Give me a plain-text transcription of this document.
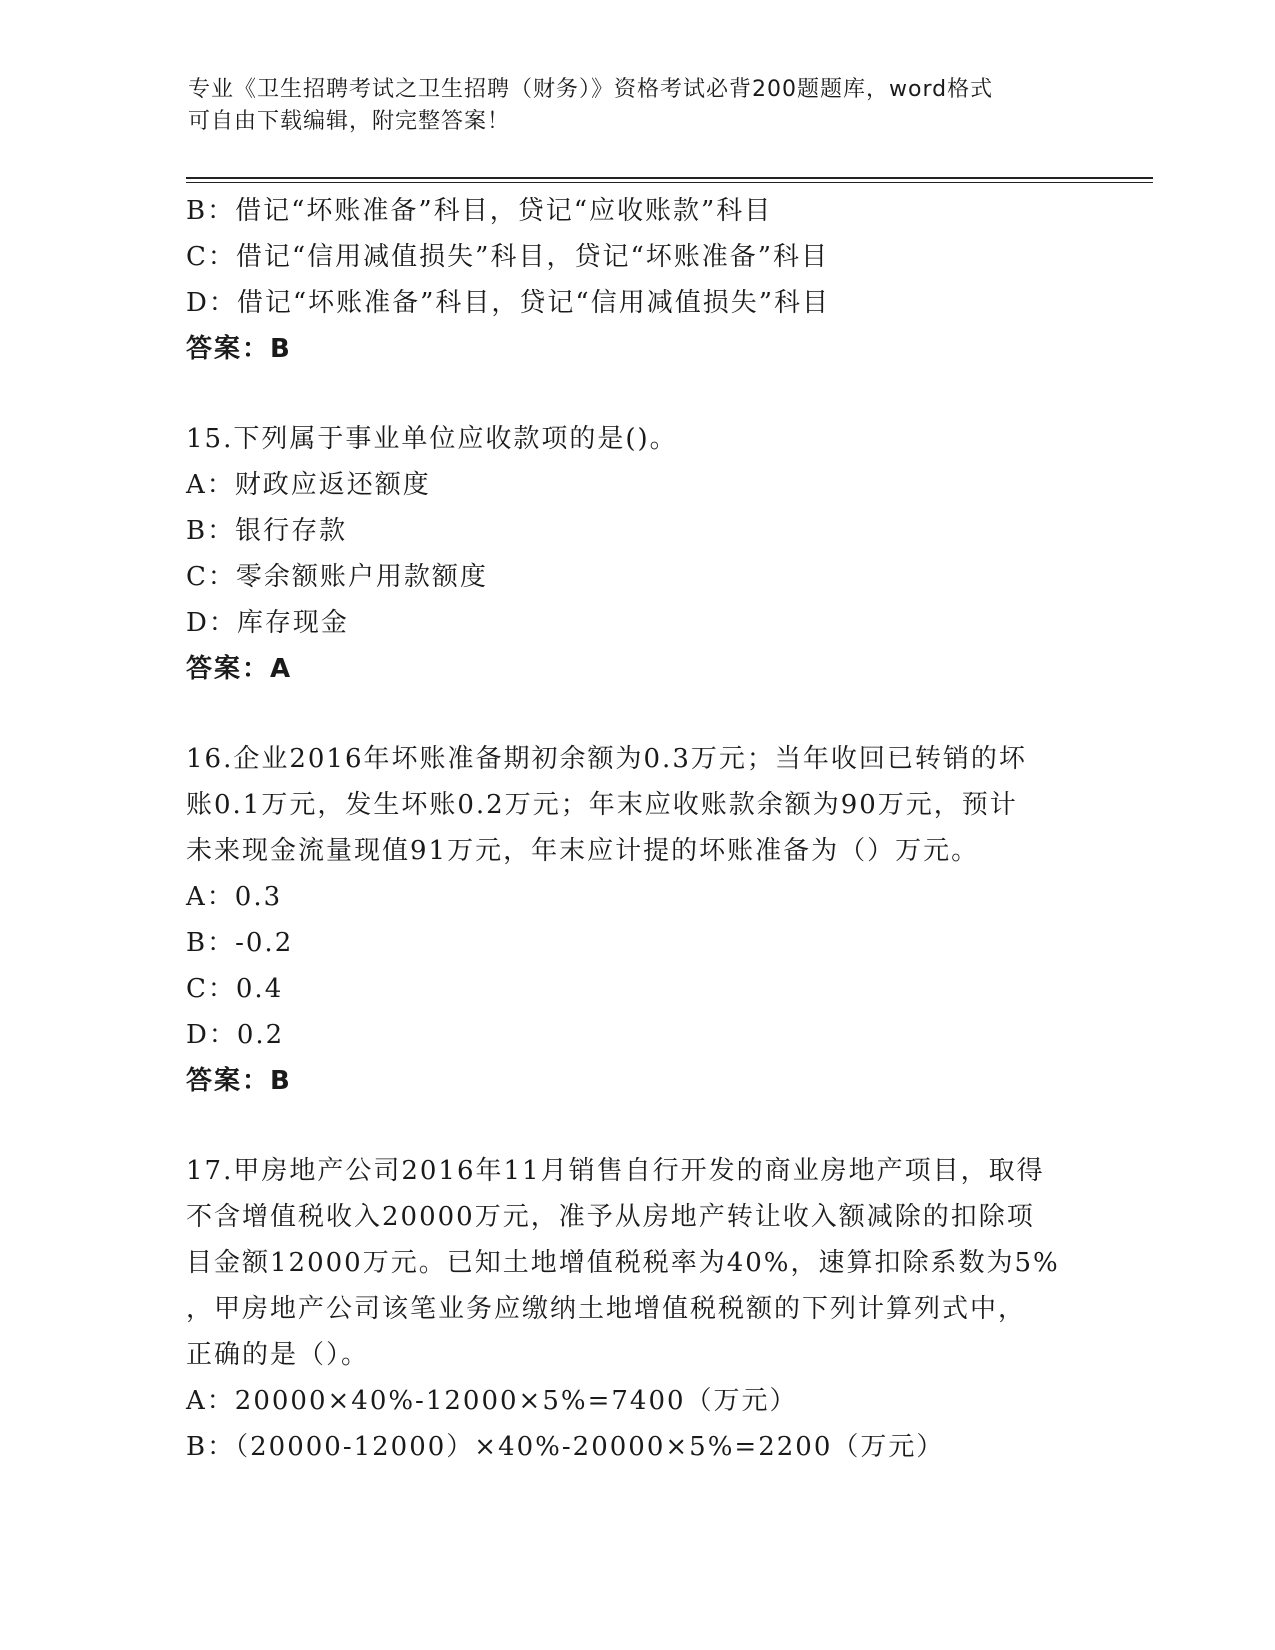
专业《卫生招聘考试之卫生招聘（财务）》资格考试必背200题题库，word格式
可自由下载编辑，附完整答案！
B：借记“坏账准备”科目，贷记“应收账款”科目
C：借记“信用减值损失”科目，贷记“坏账准备”科目
D：借记“坏账准备”科目，贷记“信用减值损失”科目
答案：B
15.下列属于事业单位应收款项的是()。
A：财政应返还额度
B：银行存款
C：零余额账户用款额度
D：库存现金
答案：A
16.企业2016年坏账准备期初余额为0.3万元；当年收回已转销的坏
账0.1万元，发生坏账0.2万元；年末应收账款余额为90万元，预计
未来现金流量现值91万元，年末应计提的坏账准备为（）万元。
A：0.3
B：-0.2
C：0.4
D：0.2
答案：B
17.甲房地产公司2016年11月销售自行开发的商业房地产项目，取得
不含增值税收入20000万元，准予从房地产转让收入额减除的扣除项
目金额12000万元。已知土地增值税税率为40%，速算扣除系数为5%
，甲房地产公司该笔业务应缴纳土地增值税税额的下列计算列式中，
正确的是（）。
A：20000×40%-12000×5%=7400（万元）
B：（20000-12000）×40%-20000×5%=2200（万元）
